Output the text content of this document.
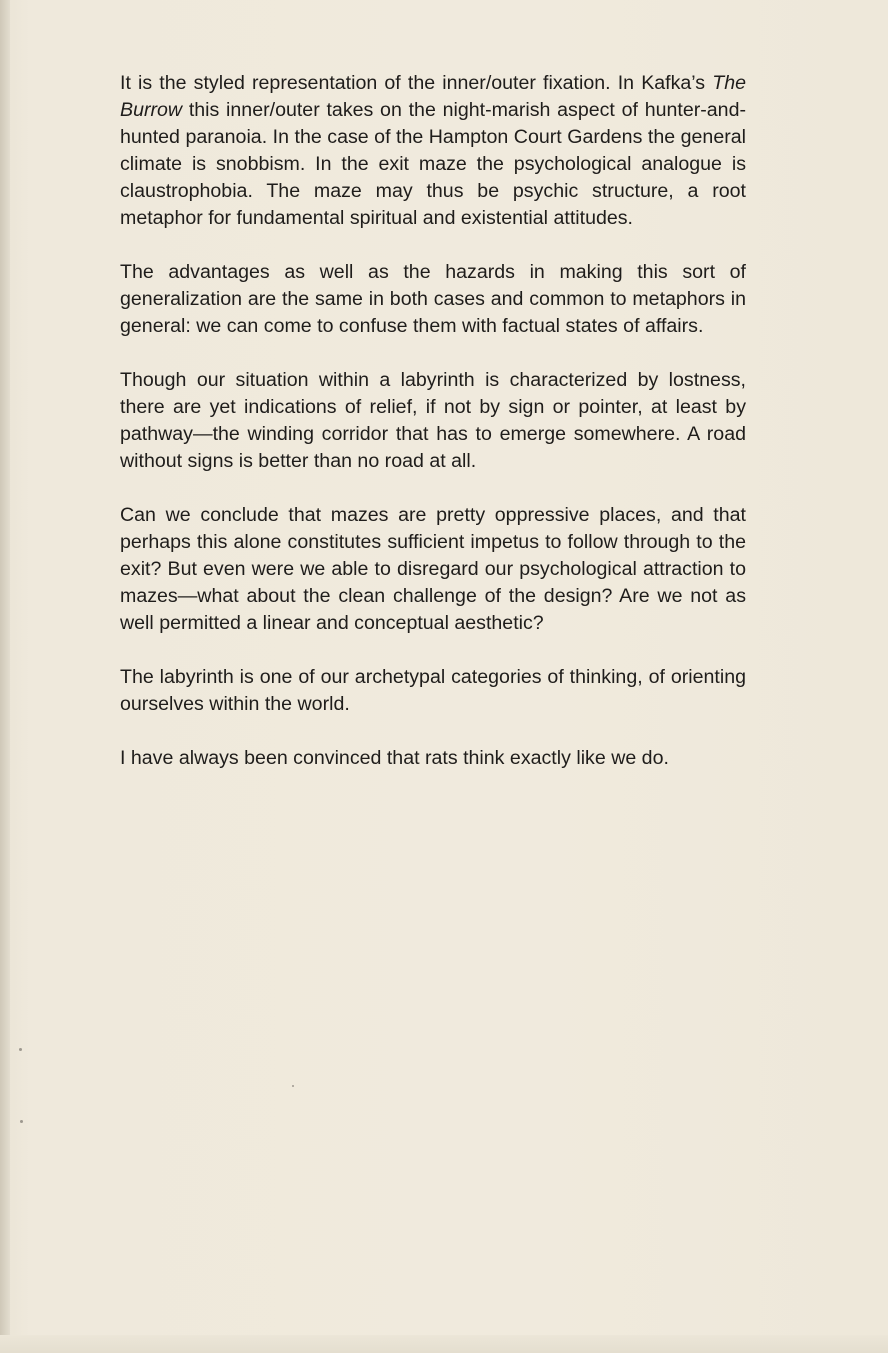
It is the styled representation of the inner/outer fixation. In Kafka’s The Burrow this inner/outer takes on the night-marish aspect of hunter-and-hunted paranoia. In the case of the Hampton Court Gardens the general climate is snobbism. In the exit maze the psychological analogue is claustrophobia. The maze may thus be psychic structure, a root metaphor for fundamental spiritual and existential attitudes.

The advantages as well as the hazards in making this sort of generalization are the same in both cases and common to metaphors in general: we can come to confuse them with factual states of affairs.

Though our situation within a labyrinth is characterized by lostness, there are yet indications of relief, if not by sign or pointer, at least by pathway—the winding corridor that has to emerge somewhere. A road without signs is better than no road at all.

Can we conclude that mazes are pretty oppressive places, and that perhaps this alone constitutes sufficient impetus to follow through to the exit? But even were we able to disregard our psychological attraction to mazes—what about the clean challenge of the design? Are we not as well permitted a linear and conceptual aesthetic?

The labyrinth is one of our archetypal categories of thinking, of orienting ourselves within the world.

I have always been convinced that rats think exactly like we do.
